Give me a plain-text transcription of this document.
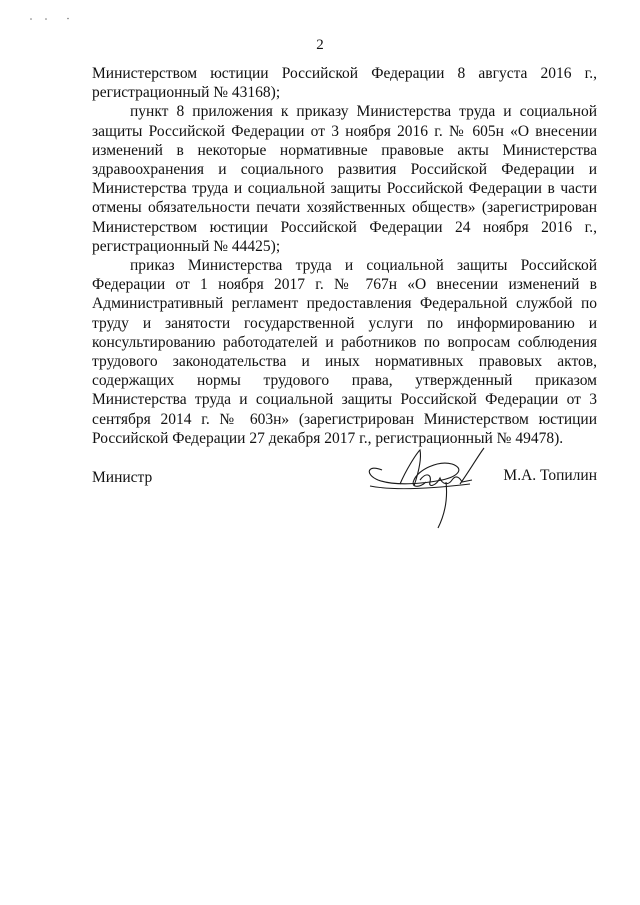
2

Министерством юстиции Российской Федерации 8 августа 2016 г., регистрационный № 43168);

пункт 8 приложения к приказу Министерства труда и социальной защиты Российской Федерации от 3 ноября 2016 г. № 605н «О внесении изменений в некоторые нормативные правовые акты Министерства здравоохранения и социального развития Российской Федерации и Министерства труда и социальной защиты Российской Федерации в части отмены обязательности печати хозяйственных обществ» (зарегистрирован Министерством юстиции Российской Федерации 24 ноября 2016 г., регистрационный № 44425);

приказ Министерства труда и социальной защиты Российской Федерации от 1 ноября 2017 г. № 767н «О внесении изменений в Административный регламент предоставления Федеральной службой по труду и занятости государственной услуги по информированию и консультированию работодателей и работников по вопросам соблюдения трудового законодательства и иных нормативных правовых актов, содержащих нормы трудового права, утвержденный приказом Министерства труда и социальной защиты Российской Федерации от 3 сентября 2014 г. № 603н» (зарегистрирован Министерством юстиции Российской Федерации 27 декабря 2017 г., регистрационный № 49478).

Министр	М.А. Топилин
